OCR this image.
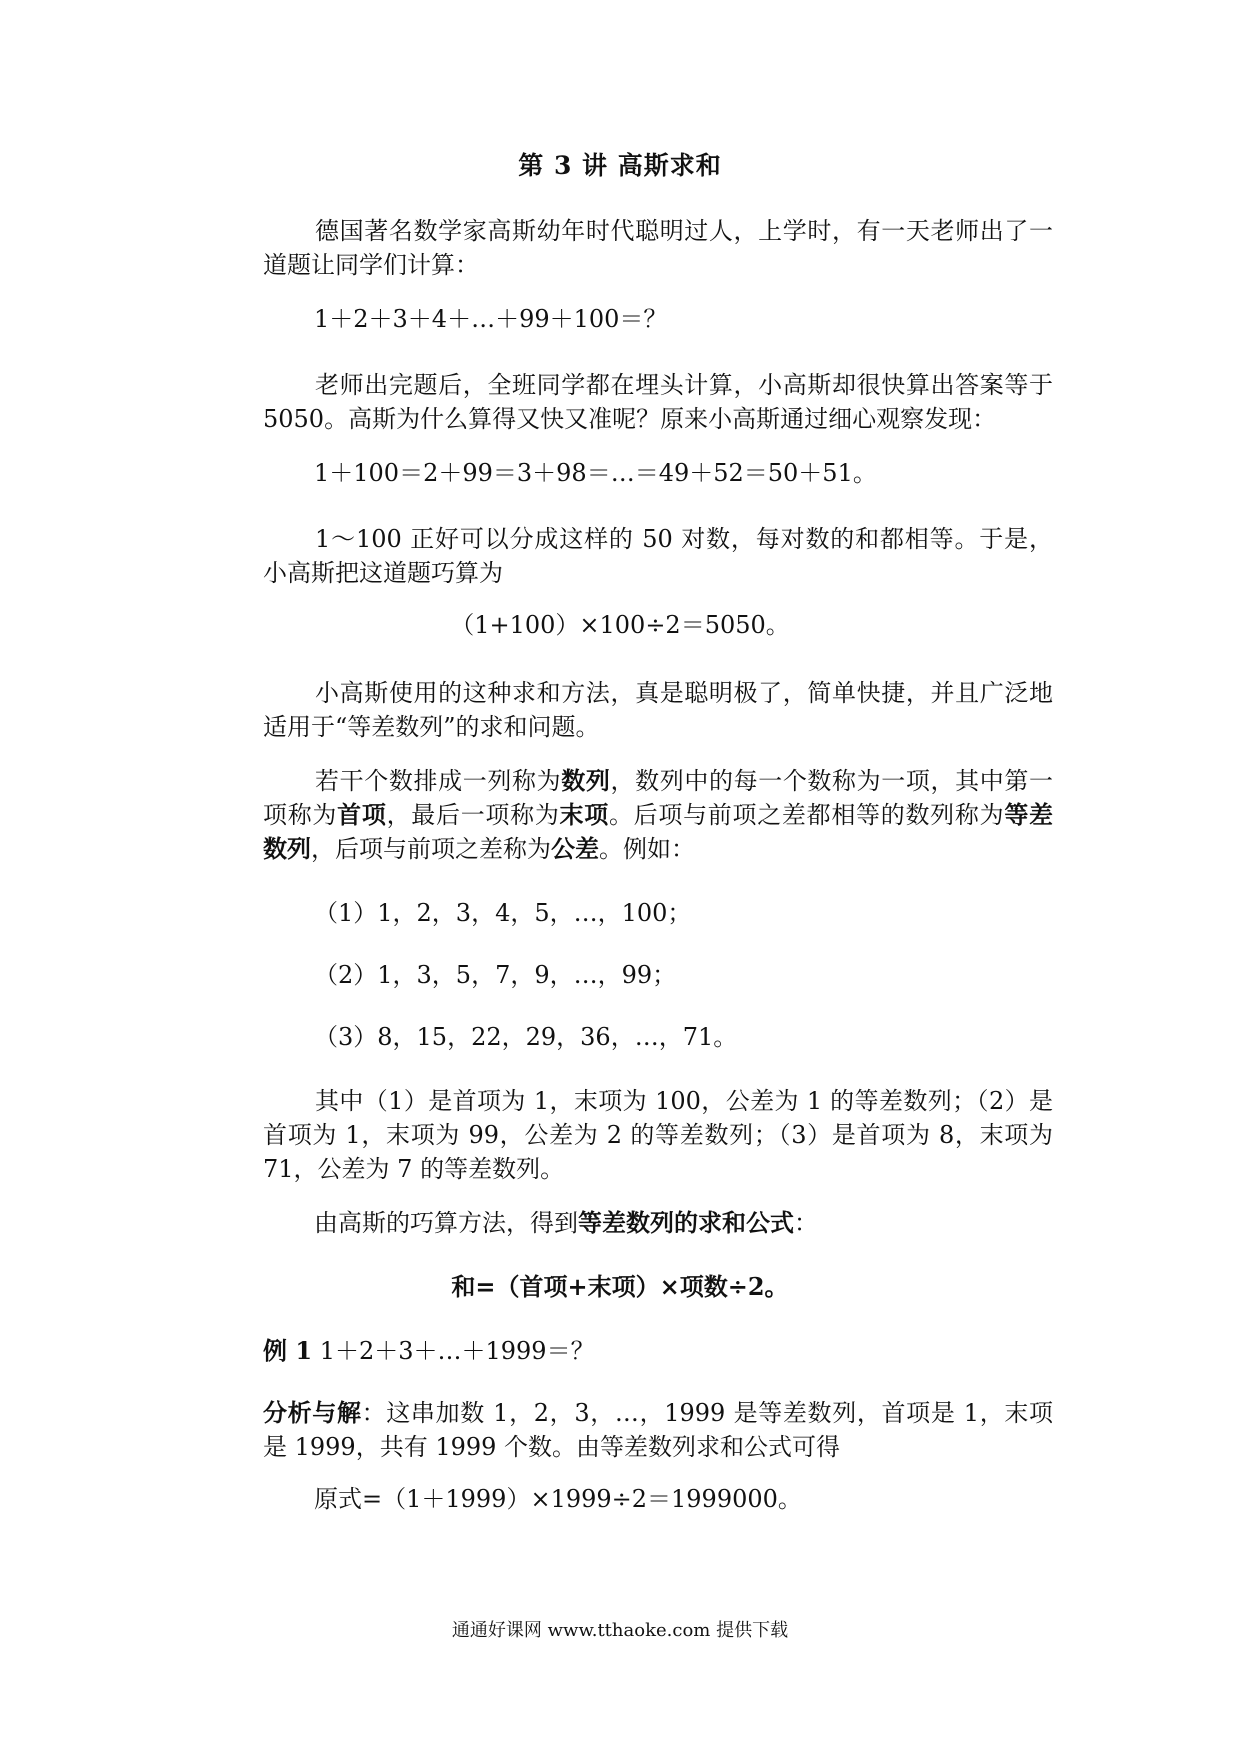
第 3 讲 高斯求和

德国著名数学家高斯幼年时代聪明过人，上学时，有一天老师出了一道题让同学们计算：

1＋2＋3＋4＋…＋99＋100＝？

老师出完题后，全班同学都在埋头计算，小高斯却很快算出答案等于5050。高斯为什么算得又快又准呢？原来小高斯通过细心观察发现：

1＋100＝2＋99＝3＋98＝…＝49＋52＝50＋51。

1～100 正好可以分成这样的 50 对数，每对数的和都相等。于是，小高斯把这道题巧算为

（1+100）×100÷2＝5050。

小高斯使用的这种求和方法，真是聪明极了，简单快捷，并且广泛地适用于“等差数列”的求和问题。

若干个数排成一列称为数列，数列中的每一个数称为一项，其中第一项称为首项，最后一项称为末项。后项与前项之差都相等的数列称为等差数列，后项与前项之差称为公差。例如：

（1）1，2，3，4，5，…，100；

（2）1，3，5，7，9，…，99；

（3）8，15，22，29，36，…，71。

其中（1）是首项为 1，末项为 100，公差为 1 的等差数列；（2）是首项为 1，末项为 99，公差为 2 的等差数列；（3）是首项为 8，末项为 71，公差为 7 的等差数列。

由高斯的巧算方法，得到等差数列的求和公式：

和=（首项+末项）×项数÷2。

例 1 1＋2＋3＋…＋1999＝？

分析与解：这串加数 1，2，3，…，1999 是等差数列，首项是 1，末项是 1999，共有 1999 个数。由等差数列求和公式可得

原式=（1＋1999）×1999÷2＝1999000。

通通好课网 www.tthaoke.com 提供下载
